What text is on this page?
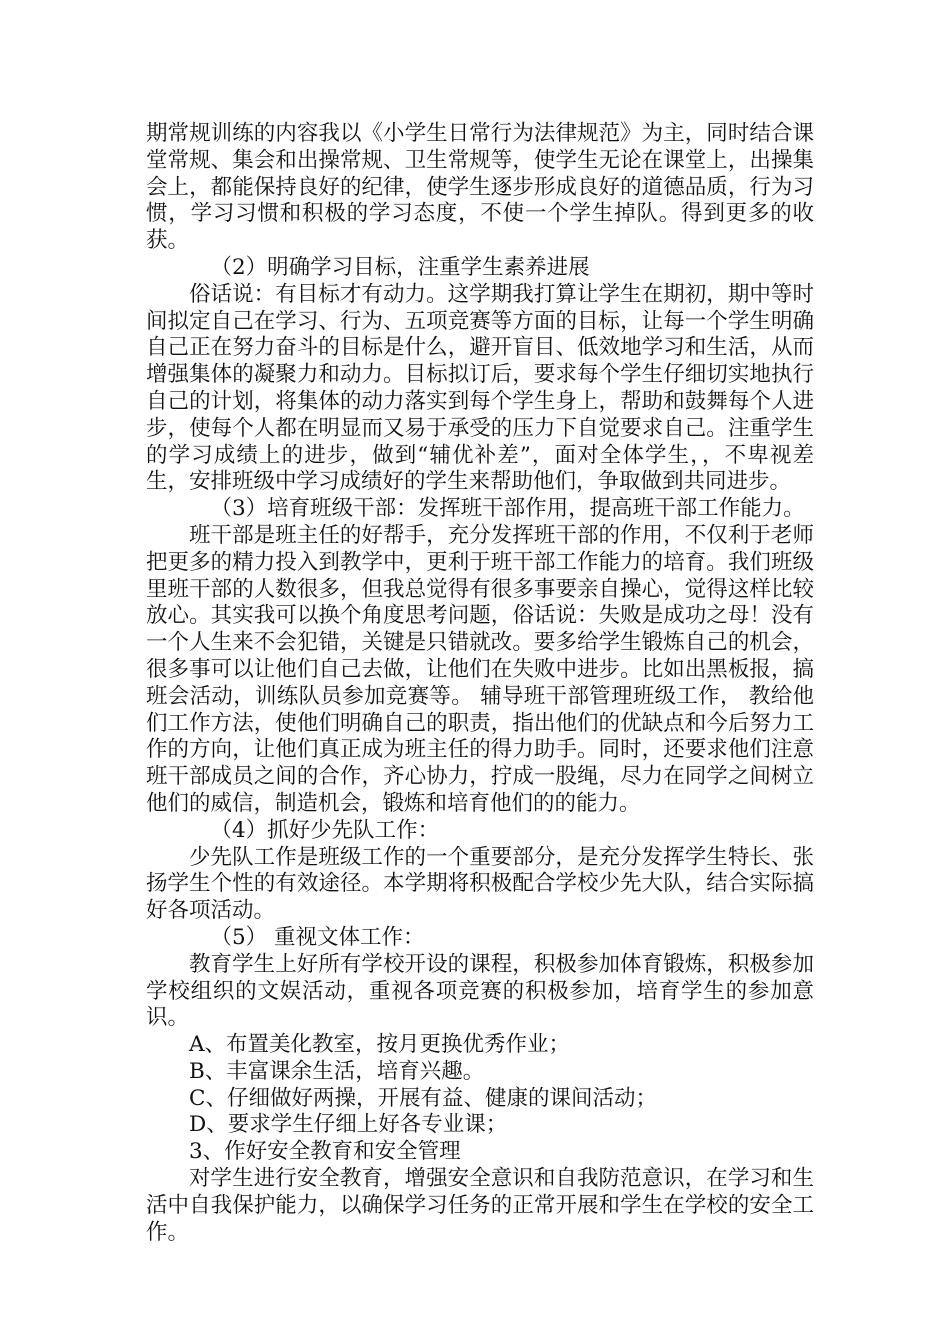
期常规训练的内容我以《小学生日常行为法律规范》为主，同时结合课堂常规、集会和出操常规、卫生常规等，使学生无论在课堂上，出操集会上，都能保持良好的纪律，使学生逐步形成良好的道德品质，行为习惯，学习习惯和积极的学习态度，不使一个学生掉队。得到更多的收获。

（2）明确学习目标，注重学生素养进展

俗话说：有目标才有动力。这学期我打算让学生在期初，期中等时间拟定自己在学习、行为、五项竞赛等方面的目标，让每一个学生明确自己正在努力奋斗的目标是什么，避开盲目、低效地学习和生活，从而增强集体的凝聚力和动力。目标拟订后，要求每个学生仔细切实地执行自己的计划，将集体的动力落实到每个学生身上，帮助和鼓舞每个人进步，使每个人都在明显而又易于承受的压力下自觉要求自己。注重学生的学习成绩上的进步，做到“辅优补差”，面对全体学生，，不卑视差生，安排班级中学习成绩好的学生来帮助他们，争取做到共同进步。

（3）培育班级干部：发挥班干部作用，提高班干部工作能力。

班干部是班主任的好帮手，充分发挥班干部的作用，不仅利于老师把更多的精力投入到教学中，更利于班干部工作能力的培育。我们班级里班干部的人数很多，但我总觉得有很多事要亲自操心，觉得这样比较放心。其实我可以换个角度思考问题，俗话说：失败是成功之母！没有一个人生来不会犯错，关键是只错就改。要多给学生锻炼自己的机会，很多事可以让他们自己去做，让他们在失败中进步。比如出黑板报，搞班会活动，训练队员参加竞赛等。 辅导班干部管理班级工作， 教给他们工作方法，使他们明确自己的职责，指出他们的优缺点和今后努力工作的方向，让他们真正成为班主任的得力助手。同时，还要求他们注意班干部成员之间的合作，齐心协力，拧成一股绳，尽力在同学之间树立他们的威信，制造机会，锻炼和培育他们的的能力。

（4）抓好少先队工作：

少先队工作是班级工作的一个重要部分，是充分发挥学生特长、张扬学生个性的有效途径。本学期将积极配合学校少先大队，结合实际搞好各项活动。

（5） 重视文体工作：

教育学生上好所有学校开设的课程，积极参加体育锻炼，积极参加学校组织的文娱活动，重视各项竞赛的积极参加，培育学生的参加意识。

A、布置美化教室，按月更换优秀作业；

B、丰富课余生活，培育兴趣。

C、仔细做好两操，开展有益、健康的课间活动；

D、要求学生仔细上好各专业课；

3、作好安全教育和安全管理

对学生进行安全教育，增强安全意识和自我防范意识，在学习和生活中自我保护能力，以确保学习任务的正常开展和学生在学校的安全工作。
